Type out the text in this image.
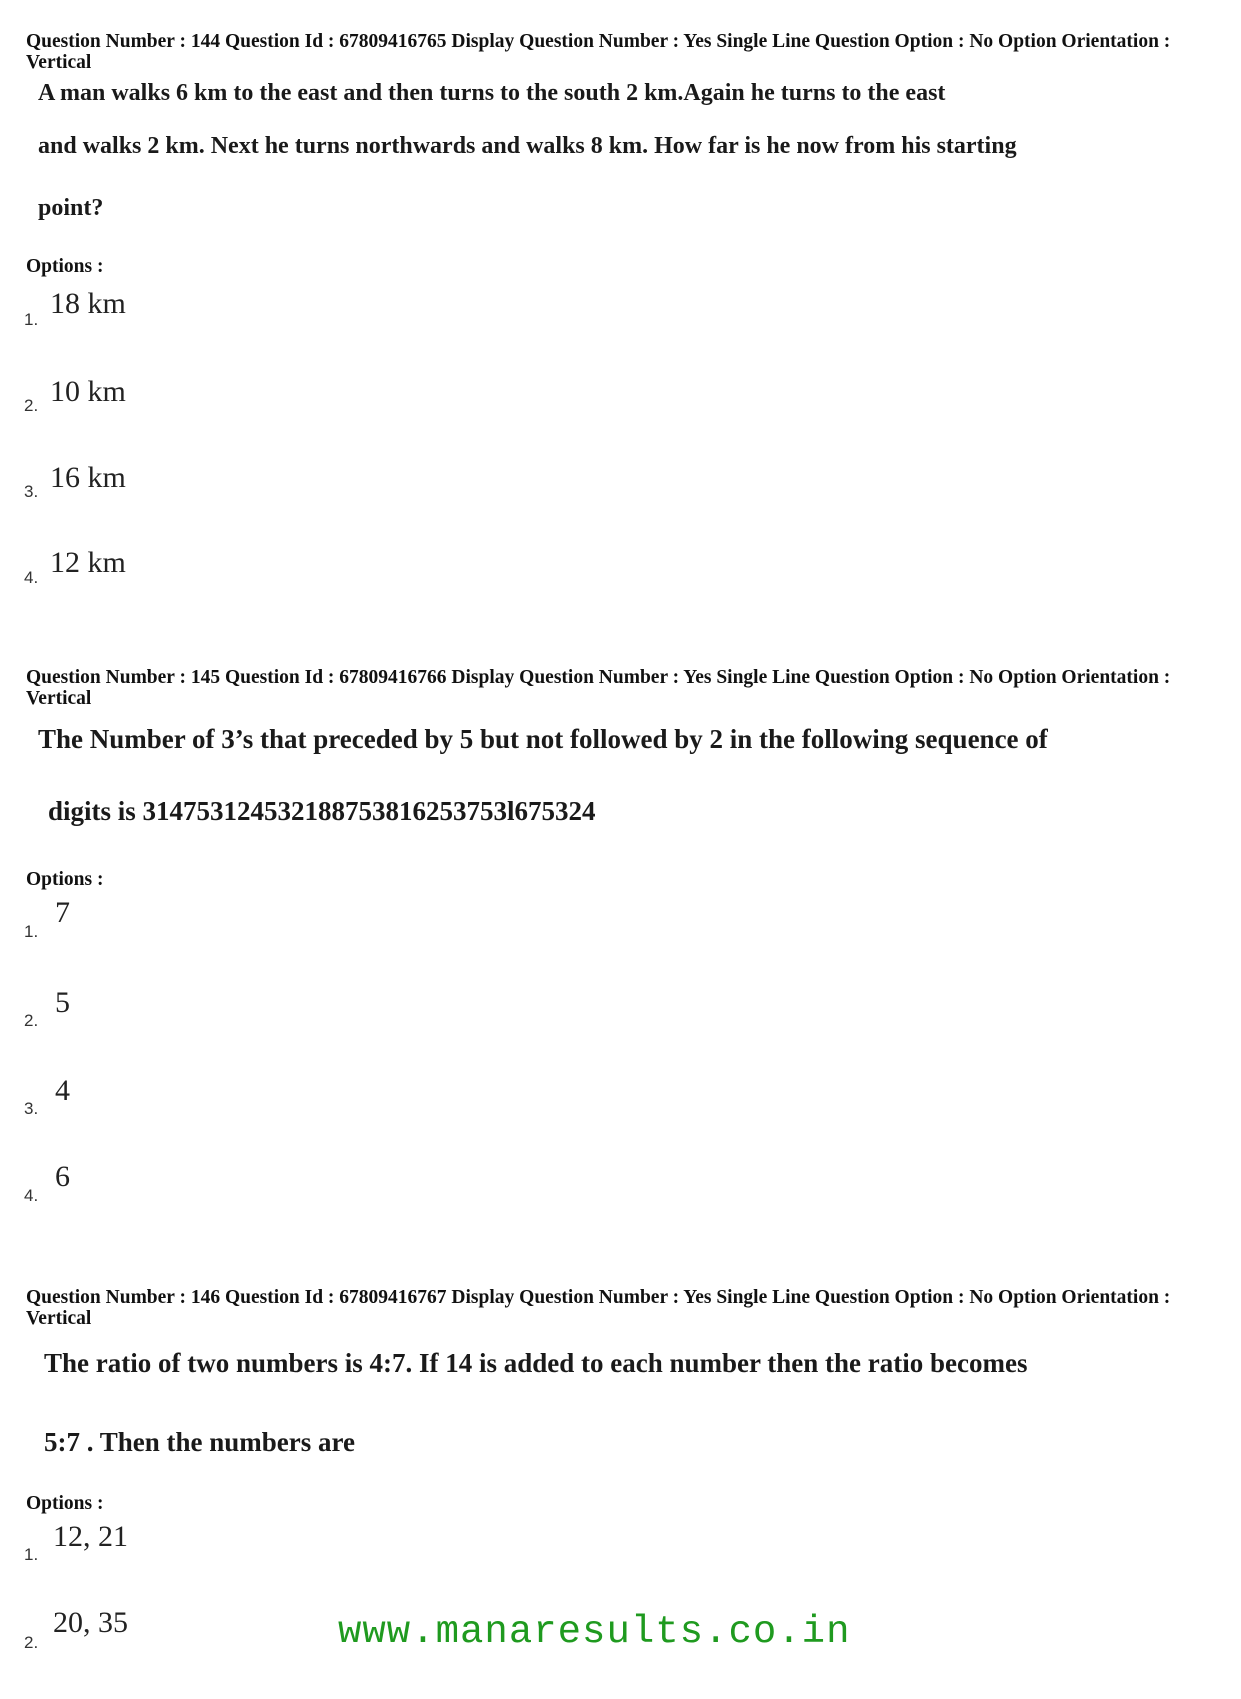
Question Number : 144 Question Id : 67809416765 Display Question Number : Yes Single Line Question Option : No Option Orientation : Vertical
A man walks 6 km to the east and then turns to the south 2 km.Again he turns to the east
and walks 2 km. Next he turns northwards and walks 8 km. How far is he now from his starting
point?
Options :
1. 18 km
2. 10 km
3. 16 km
4. 12 km
Question Number : 145 Question Id : 67809416766 Display Question Number : Yes Single Line Question Option : No Option Orientation : Vertical
The Number of 3’s that preceded by 5 but not followed by 2 in the following sequence of
digits is 314753124532188753816253753l675324
Options :
1.
7
2.
5
3.
4
4.
6
Question Number : 146 Question Id : 67809416767 Display Question Number : Yes Single Line Question Option : No Option Orientation : Vertical
The ratio of two numbers is 4:7. If 14 is added to each number then the ratio becomes
5:7 . Then the numbers are
Options :
1.
12, 21
2.
20, 35	www.manaresults.co.in
